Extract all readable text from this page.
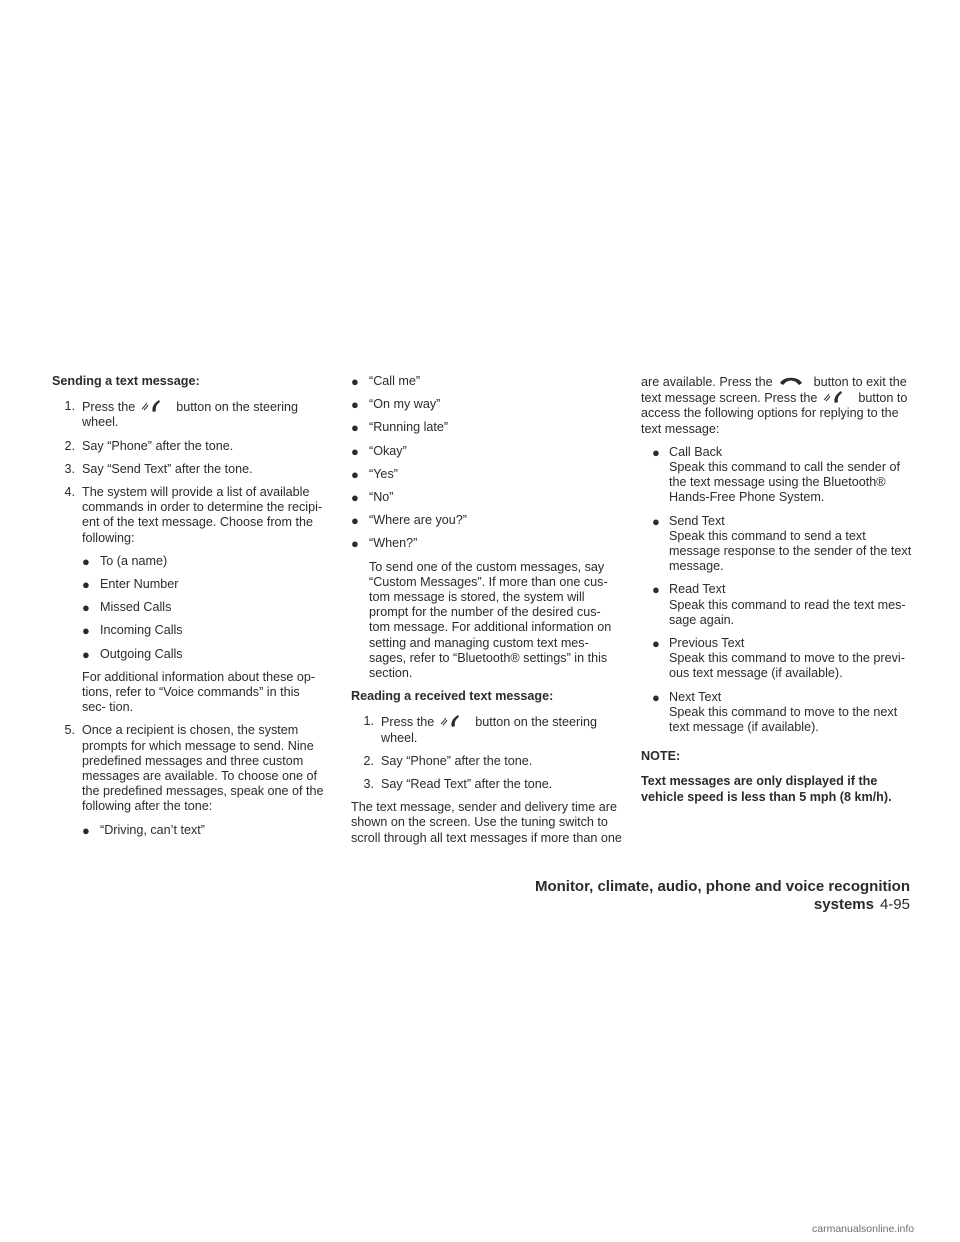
Sending a text message:
1. Press the	button on the steering wheel.
2. Say “Phone” after the tone.
3. Say “Send Text” after the tone.
4. The system will provide a list of available commands in order to determine the recipi- ent of the text message. Choose from the following:
● To (a name)
● Enter Number
● Missed Calls
● Incoming Calls
● Outgoing Calls
For additional information about these op- tions, refer to “Voice commands” in this sec- tion.
5. Once a recipient is chosen, the system prompts for which message to send. Nine predefined messages and three custom messages are available. To choose one of the predefined messages, speak one of the following after the tone:
● “Driving, can’t text”
● “Call me”
● “On my way”
● “Running late”
● “Okay”
● “Yes”
● “No”
● “Where are you?”
● “When?”
To send one of the custom messages, say “Custom Messages”. If more than one cus- tom message is stored, the system will prompt for the number of the desired cus- tom message. For additional information on setting and managing custom text mes- sages, refer to “Bluetooth® settings” in this section.
Reading a received text message:
1. Press the	button on the steering wheel.
2. Say “Phone” after the tone.
3. Say “Read Text” after the tone.
The text message, sender and delivery time are shown on the screen. Use the tuning switch to scroll through all text messages if more than one
are available. Press the	button to exit the text message screen. Press the	button to access the following options for replying to the text message:
● Call Back
Speak this command to call the sender of the text message using the Bluetooth® Hands-Free Phone System.
● Send Text
Speak this command to send a text message response to the sender of the text message.
● Read Text
Speak this command to read the text mes- sage again.
● Previous Text
Speak this command to move to the previ- ous text message (if available).
● Next Text
Speak this command to move to the next text message (if available).
NOTE:
Text messages are only displayed if the vehicle speed is less than 5 mph (8 km/h).
Monitor, climate, audio, phone and voice recognition systems 4-95
carmanualsonline.info
